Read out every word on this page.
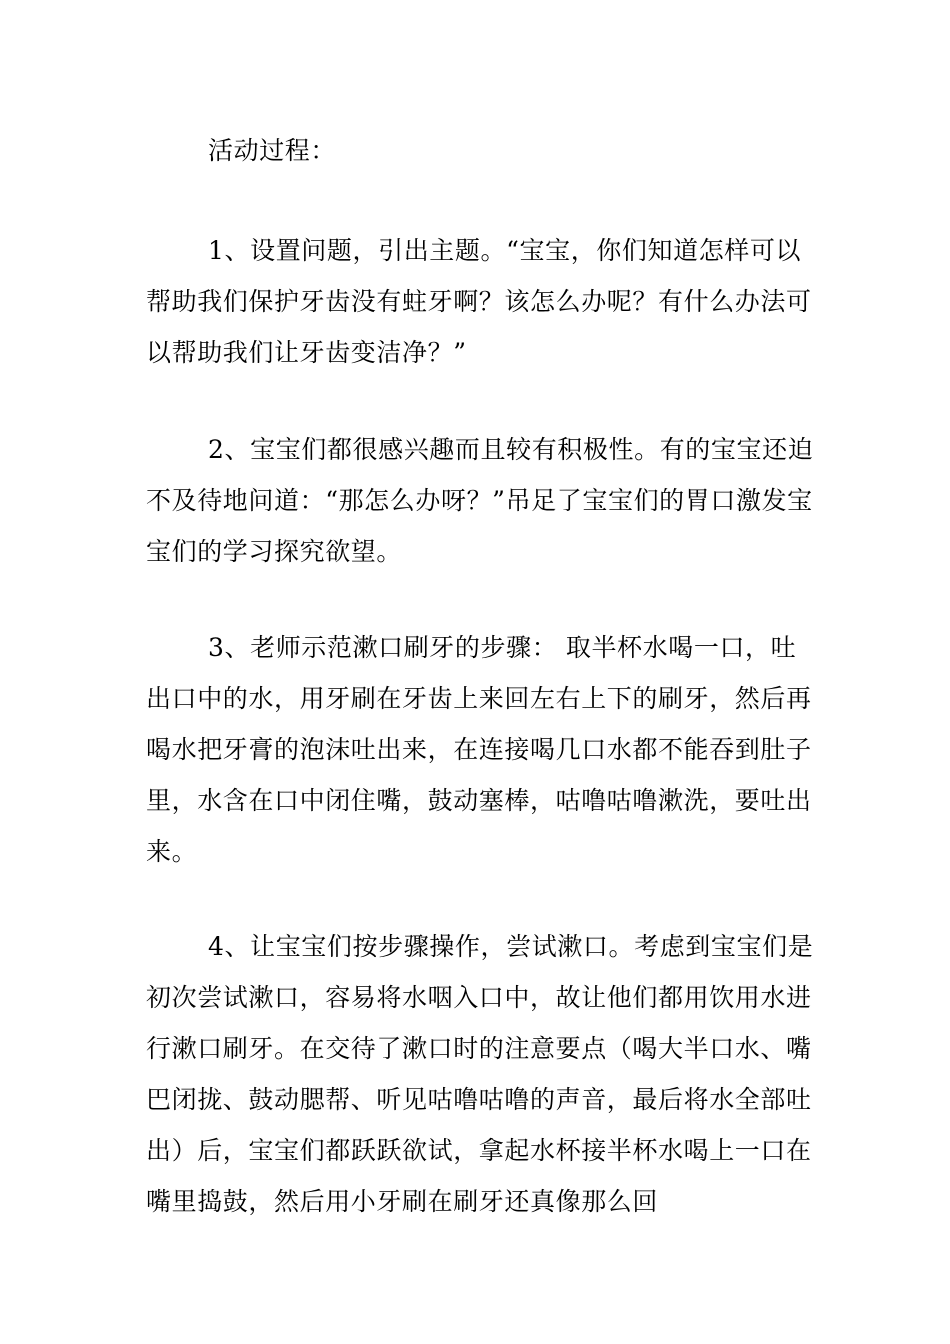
活动过程：

1、设置问题，引出主题。“宝宝，你们知道怎样可以帮助我们保护牙齿没有蛀牙啊？该怎么办呢？有什么办法可以帮助我们让牙齿变洁净？”

2、宝宝们都很感兴趣而且较有积极性。有的宝宝还迫不及待地问道：“那怎么办呀？”吊足了宝宝们的胃口激发宝宝们的学习探究欲望。

3、老师示范漱口刷牙的步骤： 取半杯水喝一口，吐出口中的水，用牙刷在牙齿上来回左右上下的刷牙，然后再喝水把牙膏的泡沫吐出来，在连接喝几口水都不能吞到肚子里，水含在口中闭住嘴，鼓动塞棒，咕噜咕噜漱洗，要吐出来。

4、让宝宝们按步骤操作，尝试漱口。考虑到宝宝们是初次尝试漱口，容易将水咽入口中，故让他们都用饮用水进行漱口刷牙。在交待了漱口时的注意要点（喝大半口水、嘴巴闭拢、鼓动腮帮、听见咕噜咕噜的声音，最后将水全部吐出）后，宝宝们都跃跃欲试，拿起水杯接半杯水喝上一口在嘴里捣鼓，然后用小牙刷在刷牙还真像那么回
